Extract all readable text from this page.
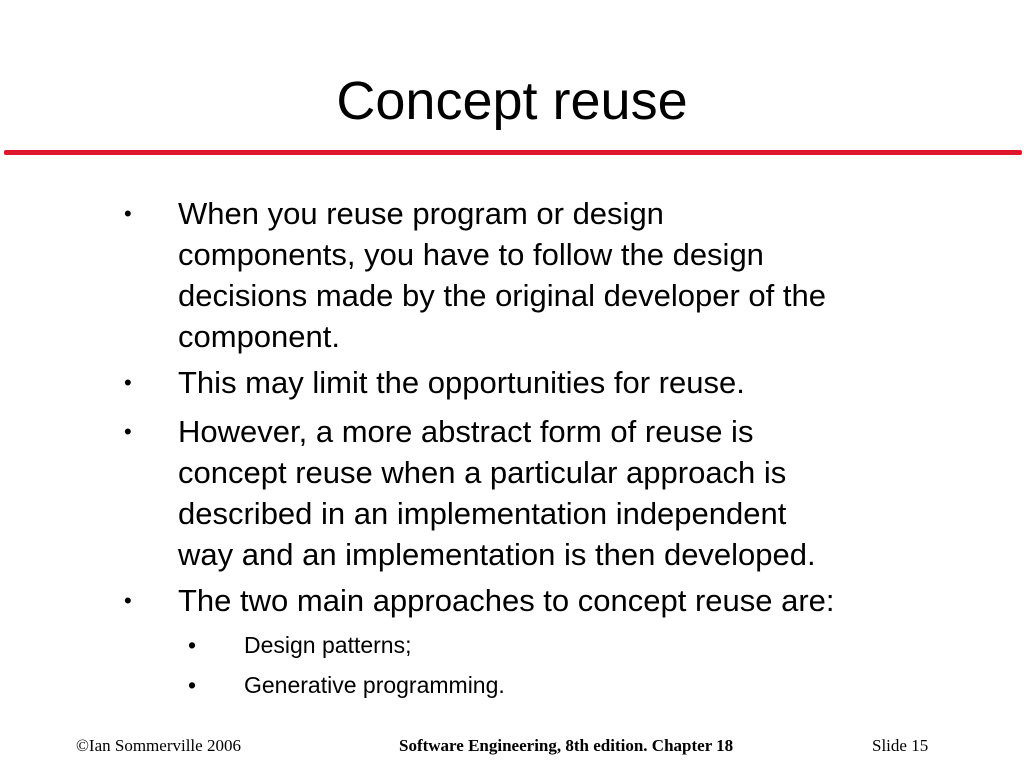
Concept reuse
•	When you reuse program or design
components, you have to follow the design
decisions made by the original developer of the
component.
•	This may limit the opportunities for reuse.
•	However, a more abstract form of reuse is
concept reuse when a particular approach is
described in an implementation independent
way and an implementation is then developed.
•	The two main approaches to concept reuse are:
•	Design patterns;
•	Generative programming.
©Ian Sommerville 2006	Software Engineering, 8th edition. Chapter 18	Slide 15
